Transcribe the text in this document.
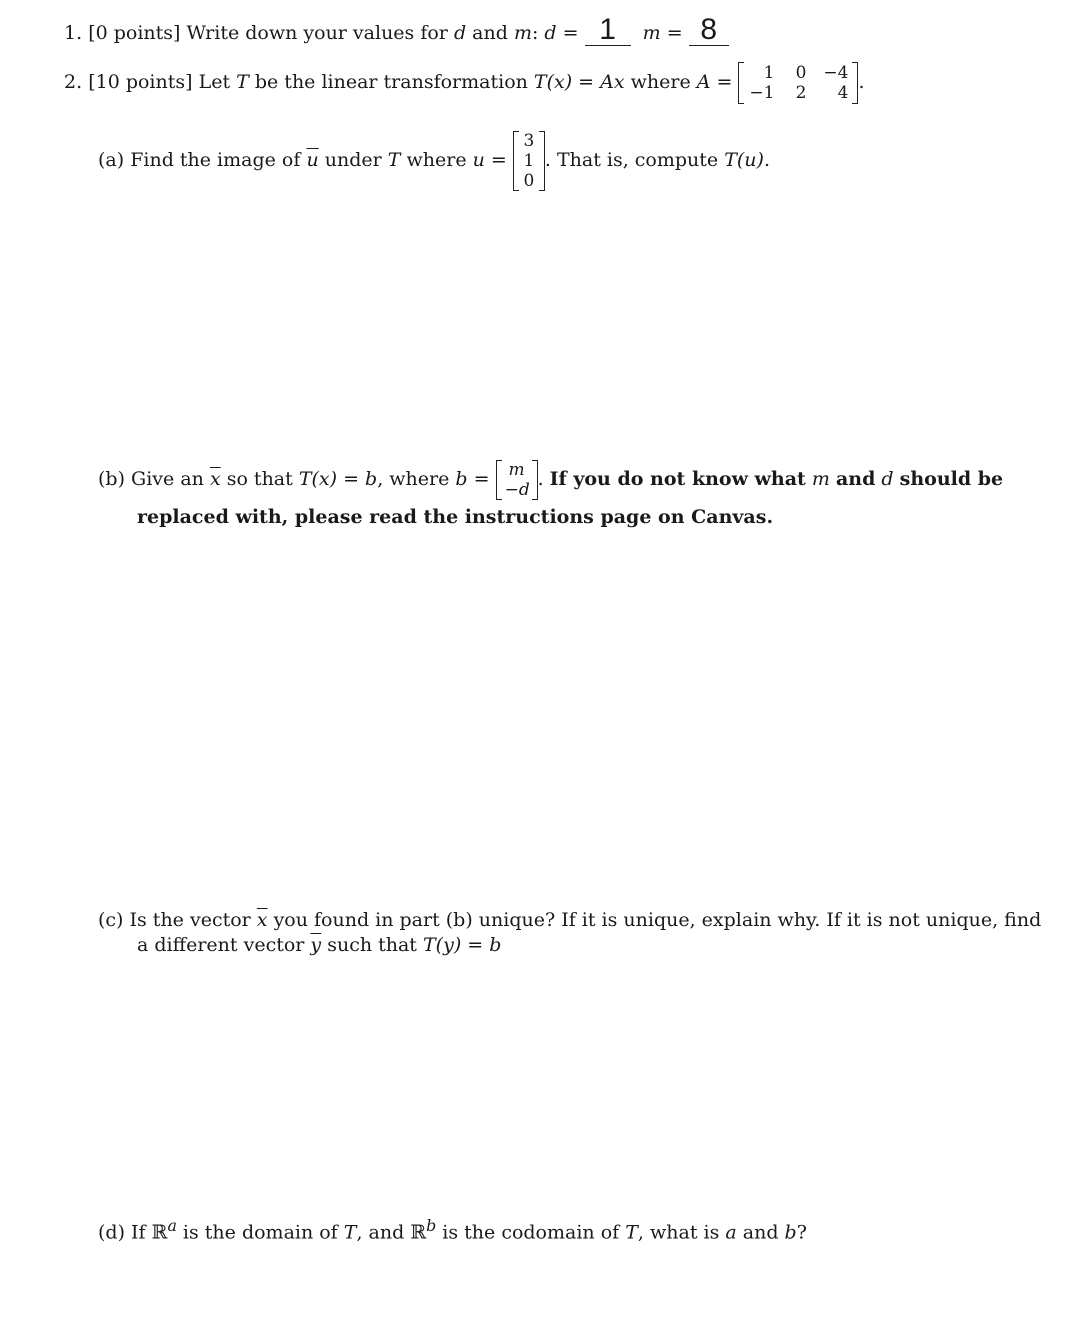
1. [0 points] Write down your values for d and m: d = 1 m = 8
2. [10 points] Let T be the linear transformation T(x) = Ax where A =	1	0 −4
−1	2	4 .
(a) Find the image of $\overline{u}$ under T where u =
3
1
0
. That is, compute T(u).
(b) Give an $\overline{x}$ so that T(x) = b, where b = m
−d . If you do not know what m and d should be
replaced with, please read the instructions page on Canvas.
(c) Is the vector $\overline{x}$ you found in part (b) unique? If it is unique, explain why. If it is not unique, find
a different vector $\overline{y}$ such that T(y) = b
(d) If ℝ$^a$ is the domain of T, and ℝ$^b$ is the codomain of T, what is a and b?
